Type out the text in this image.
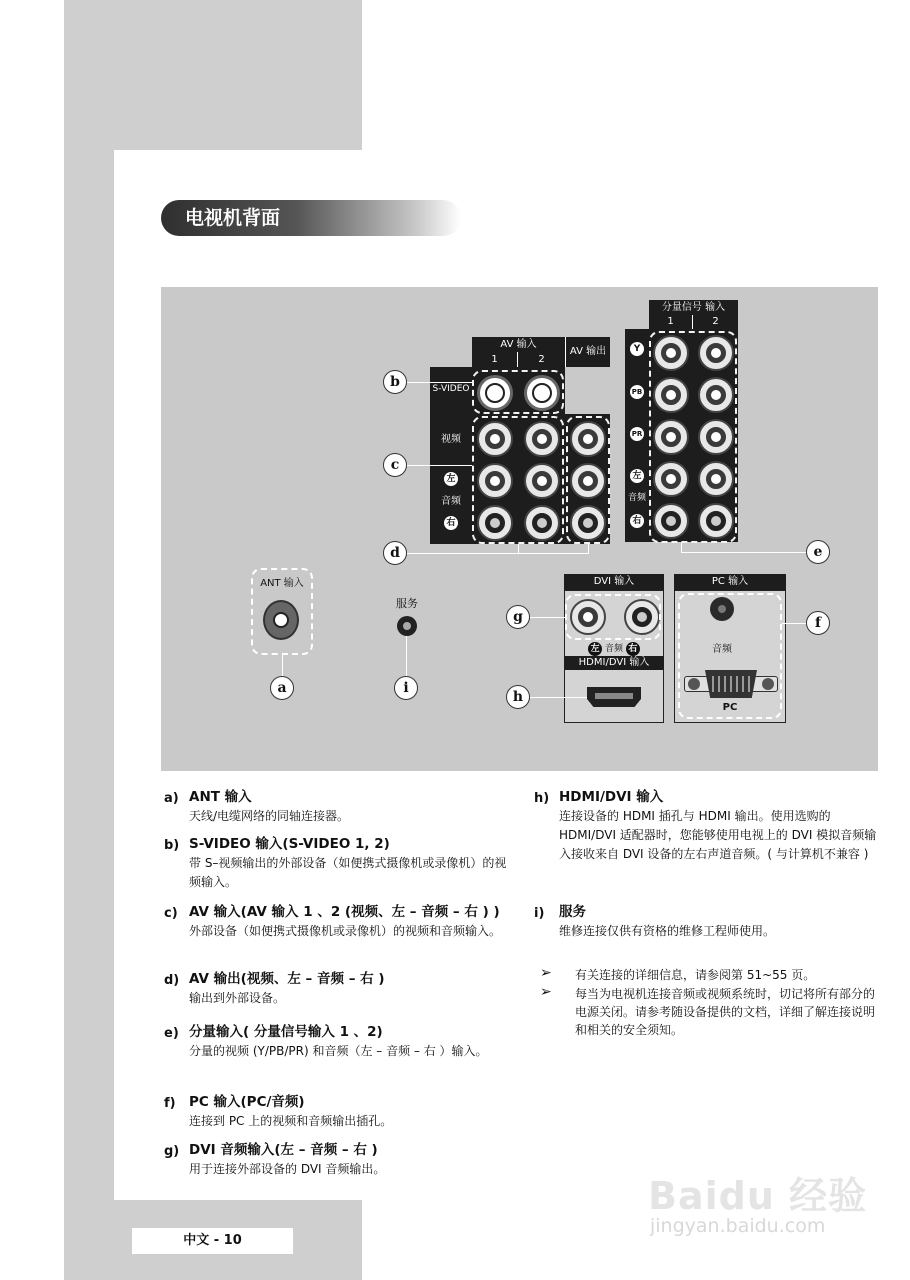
中文 - 10
电视机背面
AV 输入
1	2
AV 输出
S-VIDEO
视频
左
音频
右
分量信号 输入
1	2
Y
PB
PR
左
音频
右
ANT 输入
服务
DVI 输入
左 音频 右
HDMI/DVI 输入
PC 输入
音频
PC
b
c
d	e
f
g
h
a	i
a) ANT 输入
天线/电缆网络的同轴连接器。
b) S-VIDEO 输入(S-VIDEO 1, 2)
带 S–视频输出的外部设备（如便携式摄像机或录像机）的视频输入。
c) AV 输入(AV 输入 1 、2 (视频、左 – 音频 – 右 ) )
外部设备（如便携式摄像机或录像机）的视频和音频输入。
d) AV 输出(视频、左 – 音频 – 右 )
输出到外部设备。
e) 分量输入( 分量信号输入 1 、2)
分量的视频 (Y/PB/PR) 和音频（左 – 音频 – 右 ）输入。
f) PC 输入(PC/音频)
连接到 PC 上的视频和音频输出插孔。
g) DVI 音频输入(左 – 音频 – 右 )
用于连接外部设备的 DVI 音频输出。
h) HDMI/DVI 输入
连接设备的 HDMI 插孔与 HDMI 输出。使用选购的 HDMI/DVI 适配器时，您能够使用电视上的 DVI 模拟音频输入接收来自 DVI 设备的左右声道音频。( 与计算机不兼容 )
i) 服务
维修连接仅供有资格的维修工程师使用。
➢ 有关连接的详细信息，请参阅第 51~55 页。
➢ 每当为电视机连接音频或视频系统时，切记将所有部分的电源关闭。请参考随设备提供的文档，详细了解连接说明和相关的安全须知。
Baidu 经验
jingyan.baidu.com
